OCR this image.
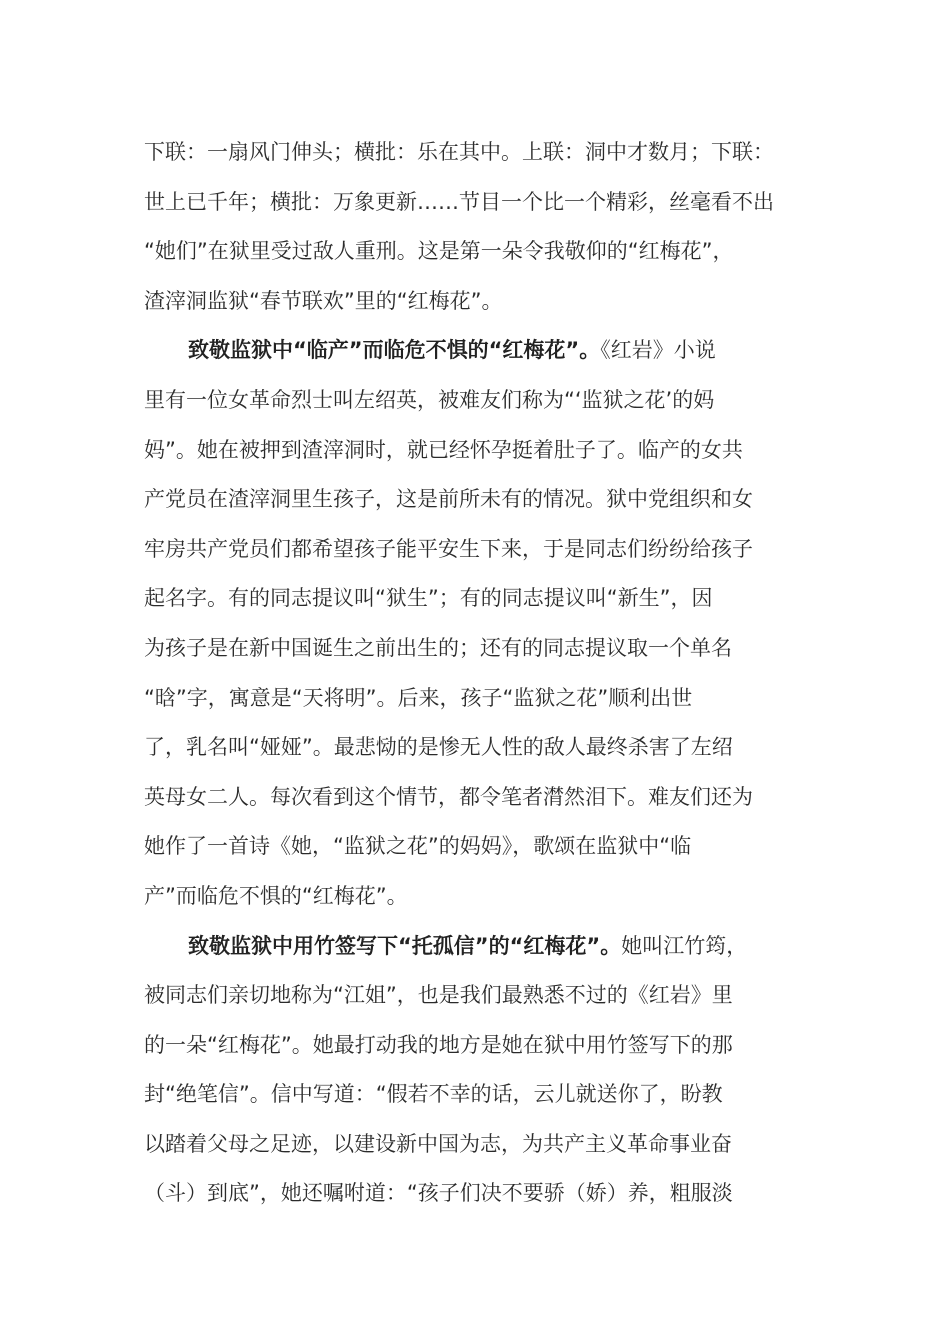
下联：一扇风门伸头；横批：乐在其中。上联：洞中才数月；下联：
世上已千年；横批：万象更新……节目一个比一个精彩，丝毫看不出
“她们”在狱里受过敌人重刑。这是第一朵令我敬仰的“红梅花”，
渣滓洞监狱“春节联欢”里的“红梅花”。
致敬监狱中“临产”而临危不惧的“红梅花”。《红岩》小说
里有一位女革命烈士叫左绍英，被难友们称为“‘监狱之花’的妈
妈”。她在被押到渣滓洞时，就已经怀孕挺着肚子了。临产的女共
产党员在渣滓洞里生孩子，这是前所未有的情况。狱中党组织和女
牢房共产党员们都希望孩子能平安生下来，于是同志们纷纷给孩子
起名字。有的同志提议叫“狱生”；有的同志提议叫“新生”，因
为孩子是在新中国诞生之前出生的；还有的同志提议取一个单名
“晗”字，寓意是“天将明”。后来，孩子“监狱之花”顺利出世
了，乳名叫“娅娅”。最悲恸的是惨无人性的敌人最终杀害了左绍
英母女二人。每次看到这个情节，都令笔者潸然泪下。难友们还为
她作了一首诗《她，“监狱之花”的妈妈》，歌颂在监狱中“临
产”而临危不惧的“红梅花”。
致敬监狱中用竹签写下“托孤信”的“红梅花”。她叫江竹筠，
被同志们亲切地称为“江姐”，也是我们最熟悉不过的《红岩》里
的一朵“红梅花”。她最打动我的地方是她在狱中用竹签写下的那
封“绝笔信”。信中写道：“假若不幸的话，云儿就送你了，盼教
以踏着父母之足迹，以建设新中国为志，为共产主义革命事业奋
（斗）到底”，她还嘱咐道：“孩子们决不要骄（娇）养，粗服淡
